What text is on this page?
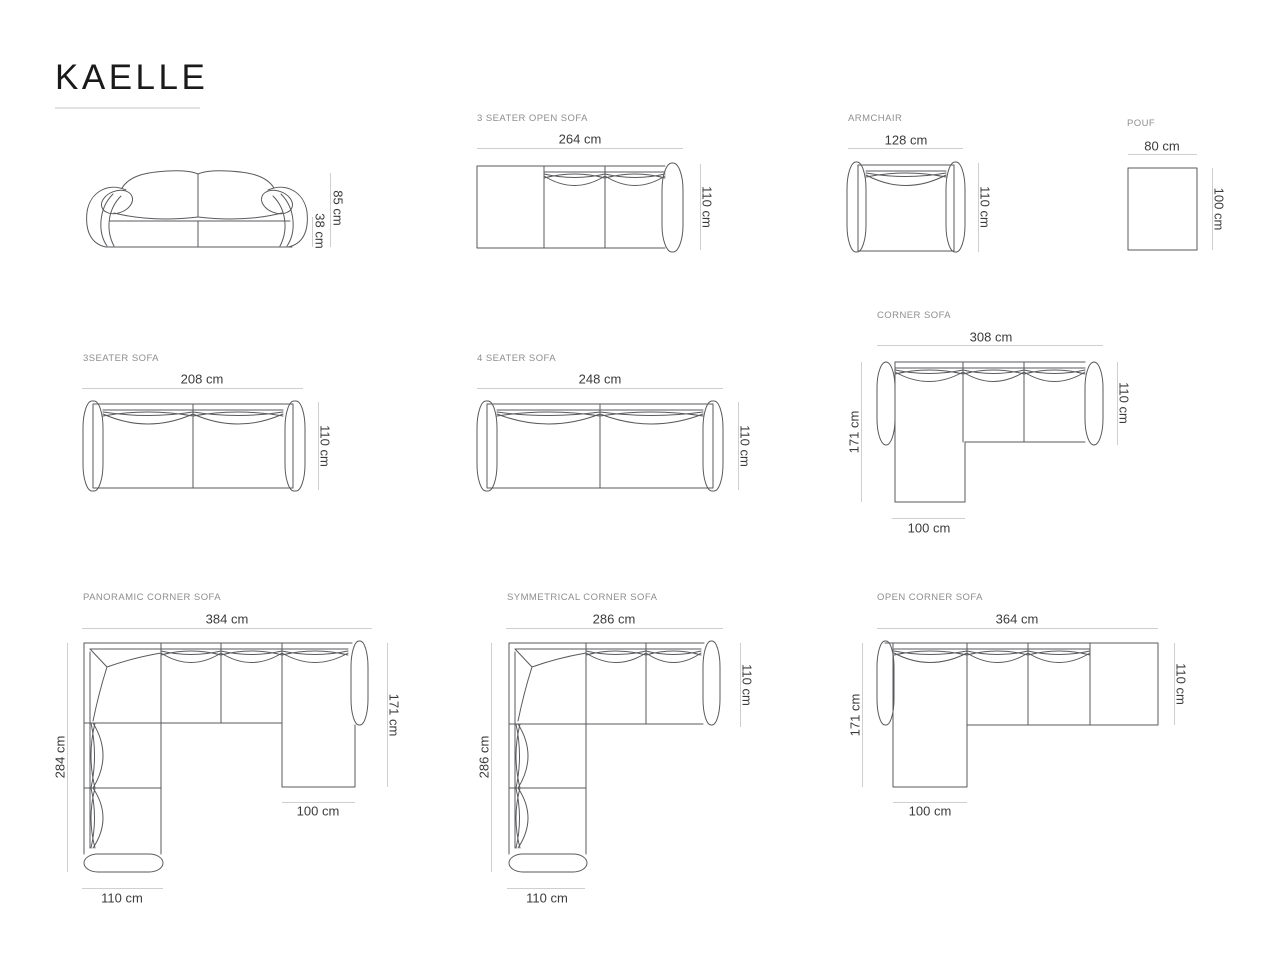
KAELLE
85 cm
38 cm
3 SEATER OPEN SOFA
264 cm
110 cm
ARMCHAIR
128 cm
110 cm
POUF
80 cm
100 cm
3SEATER SOFA
208 cm
110 cm
4 SEATER SOFA
248 cm
110 cm
CORNER SOFA
308 cm
171 cm
110 cm
100 cm
PANORAMIC CORNER SOFA
384 cm
284 cm
171 cm
100 cm
110 cm
SYMMETRICAL CORNER SOFA
286 cm
286 cm
110 cm
110 cm
OPEN CORNER SOFA
364 cm
171 cm
110 cm
100 cm
